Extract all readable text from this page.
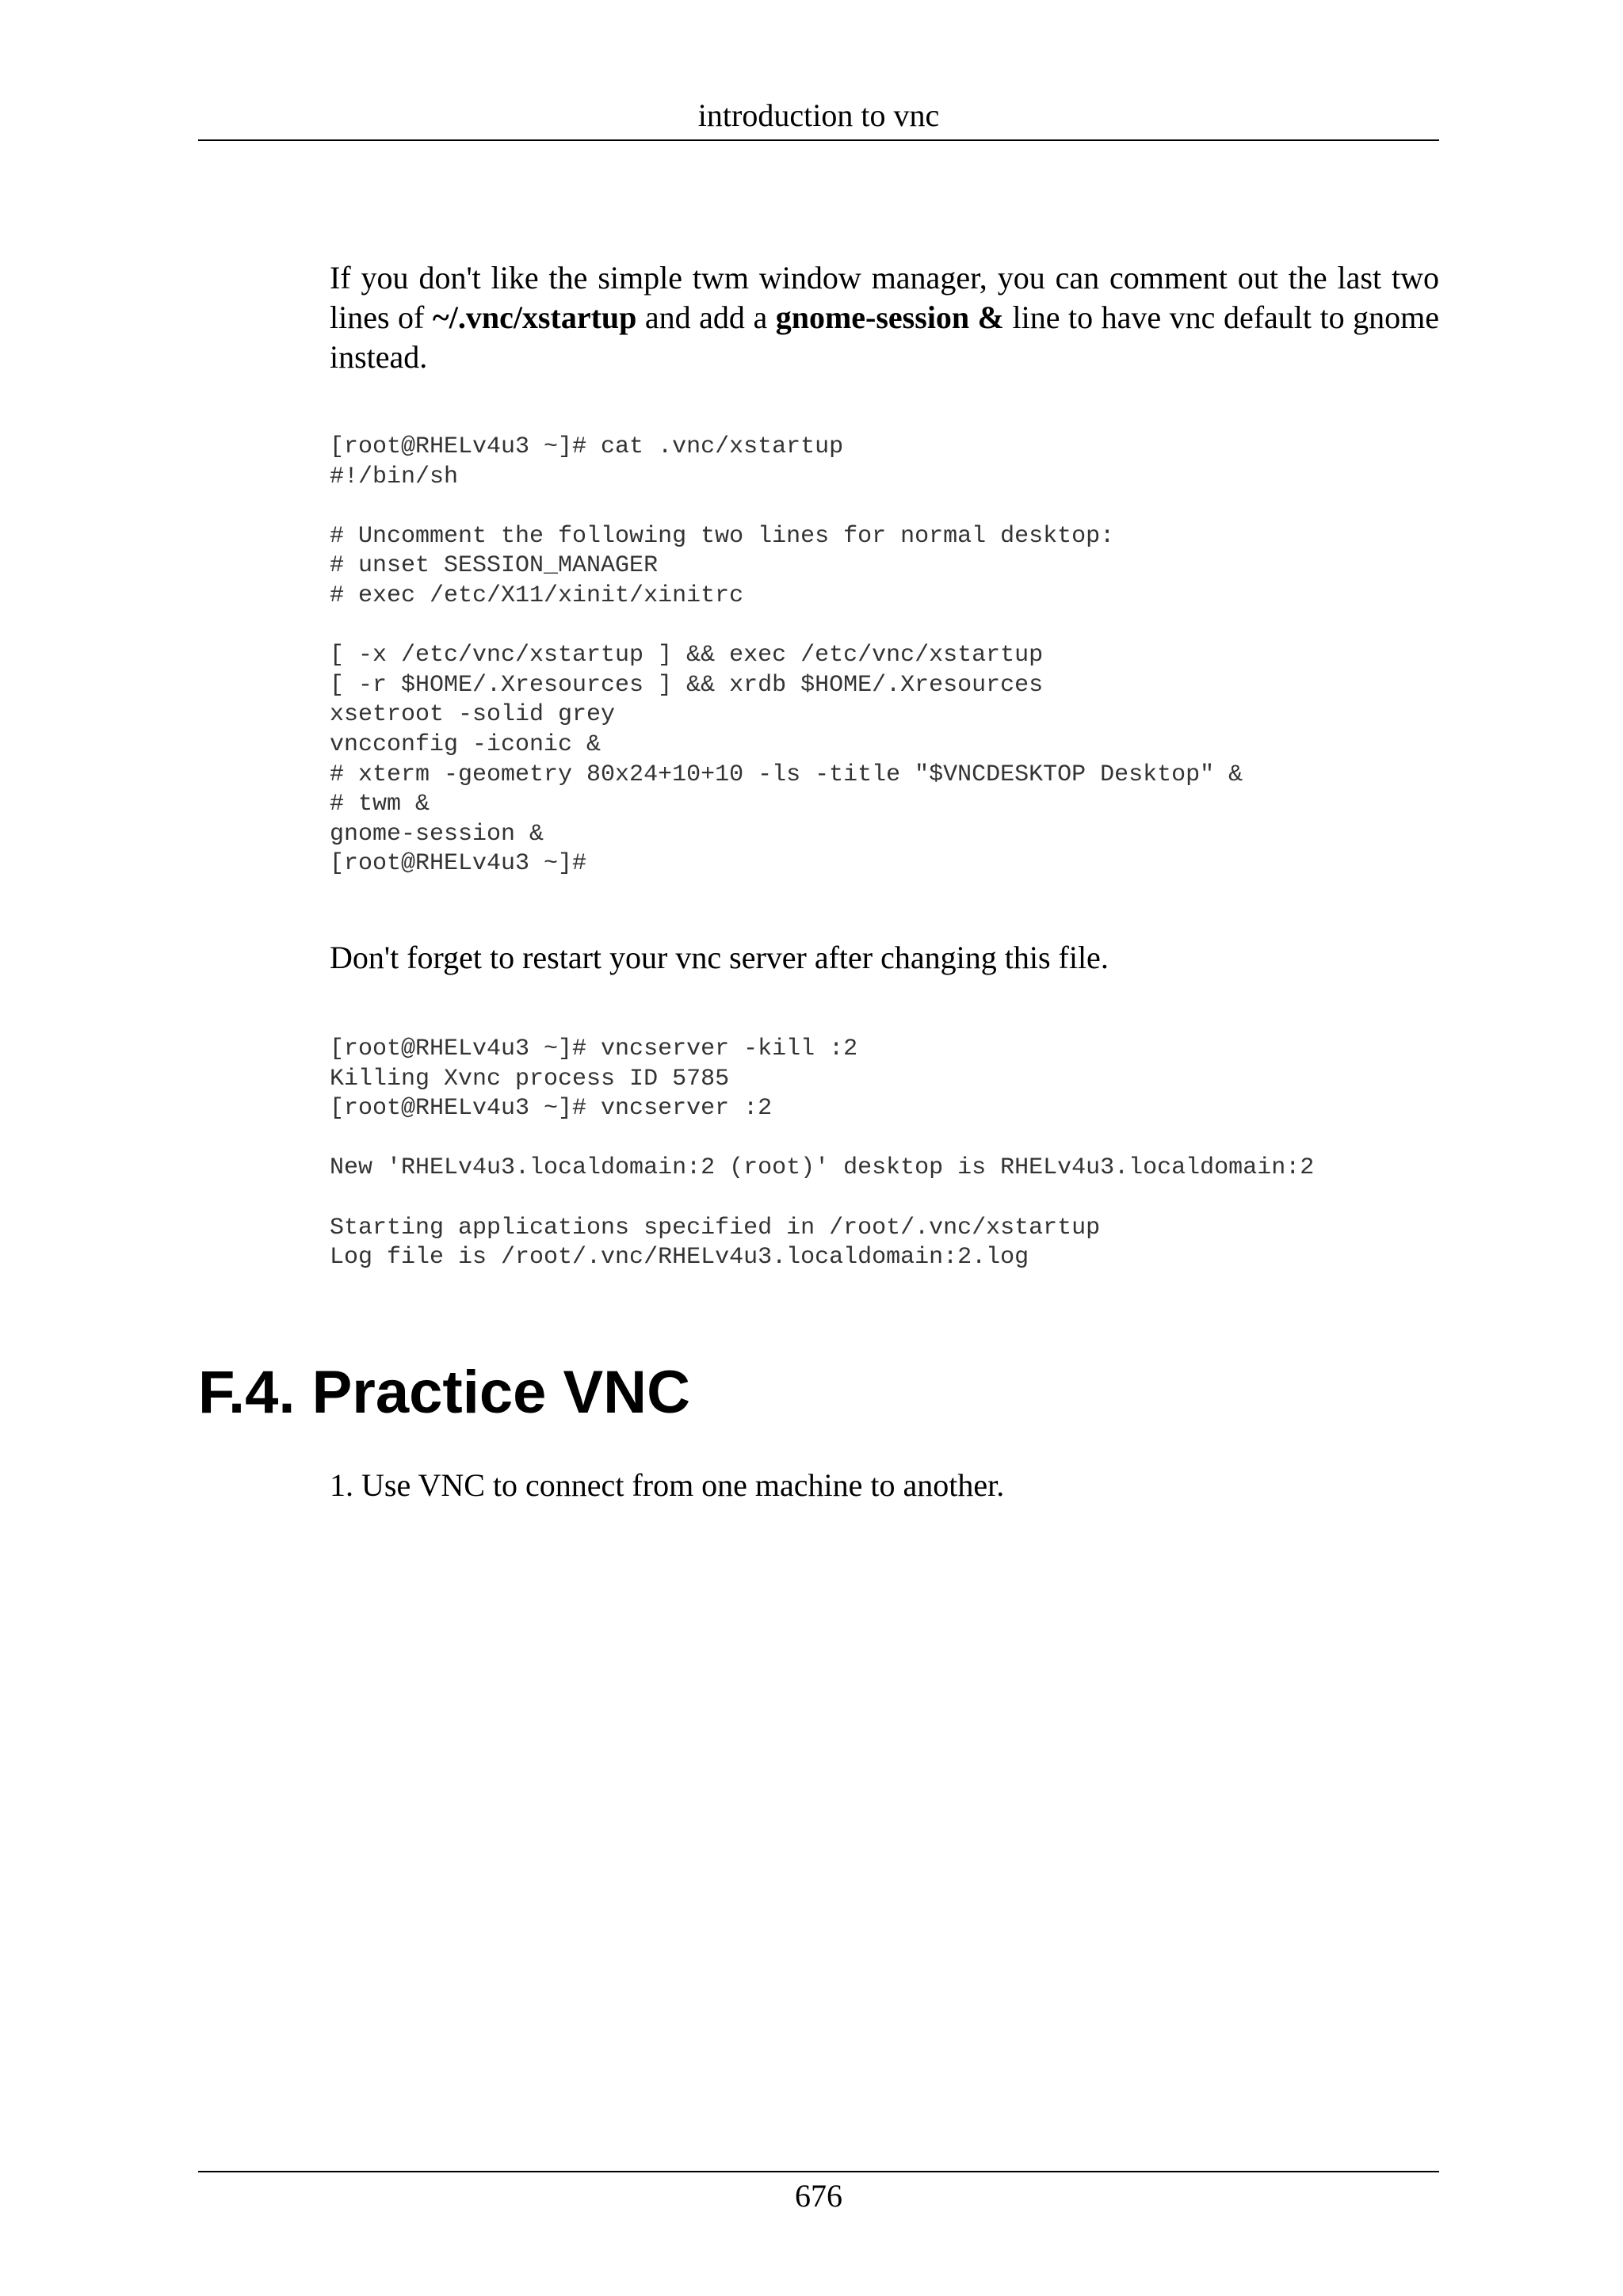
introduction to vnc

If you don't like the simple twm window manager, you can comment out the last two lines of ~/.vnc/xstartup and add a gnome-session & line to have vnc default to gnome instead.

[root@RHELv4u3 ~]# cat .vnc/xstartup
#!/bin/sh
# Uncomment the following two lines for normal desktop:
# unset SESSION_MANAGER
# exec /etc/X11/xinit/xinitrc
[ -x /etc/vnc/xstartup ] && exec /etc/vnc/xstartup
[ -r $HOME/.Xresources ] && xrdb $HOME/.Xresources
xsetroot -solid grey
vncconfig -iconic &
# xterm -geometry 80x24+10+10 -ls -title "$VNCDESKTOP Desktop" &
# twm &
gnome-session &
[root@RHELv4u3 ~]#

Don't forget to restart your vnc server after changing this file.

[root@RHELv4u3 ~]# vncserver -kill :2
Killing Xvnc process ID 5785
[root@RHELv4u3 ~]# vncserver :2
New 'RHELv4u3.localdomain:2 (root)' desktop is RHELv4u3.localdomain:2
Starting applications specified in /root/.vnc/xstartup
Log file is /root/.vnc/RHELv4u3.localdomain:2.log
F.4. Practice VNC

1. Use VNC to connect from one machine to another.

676
